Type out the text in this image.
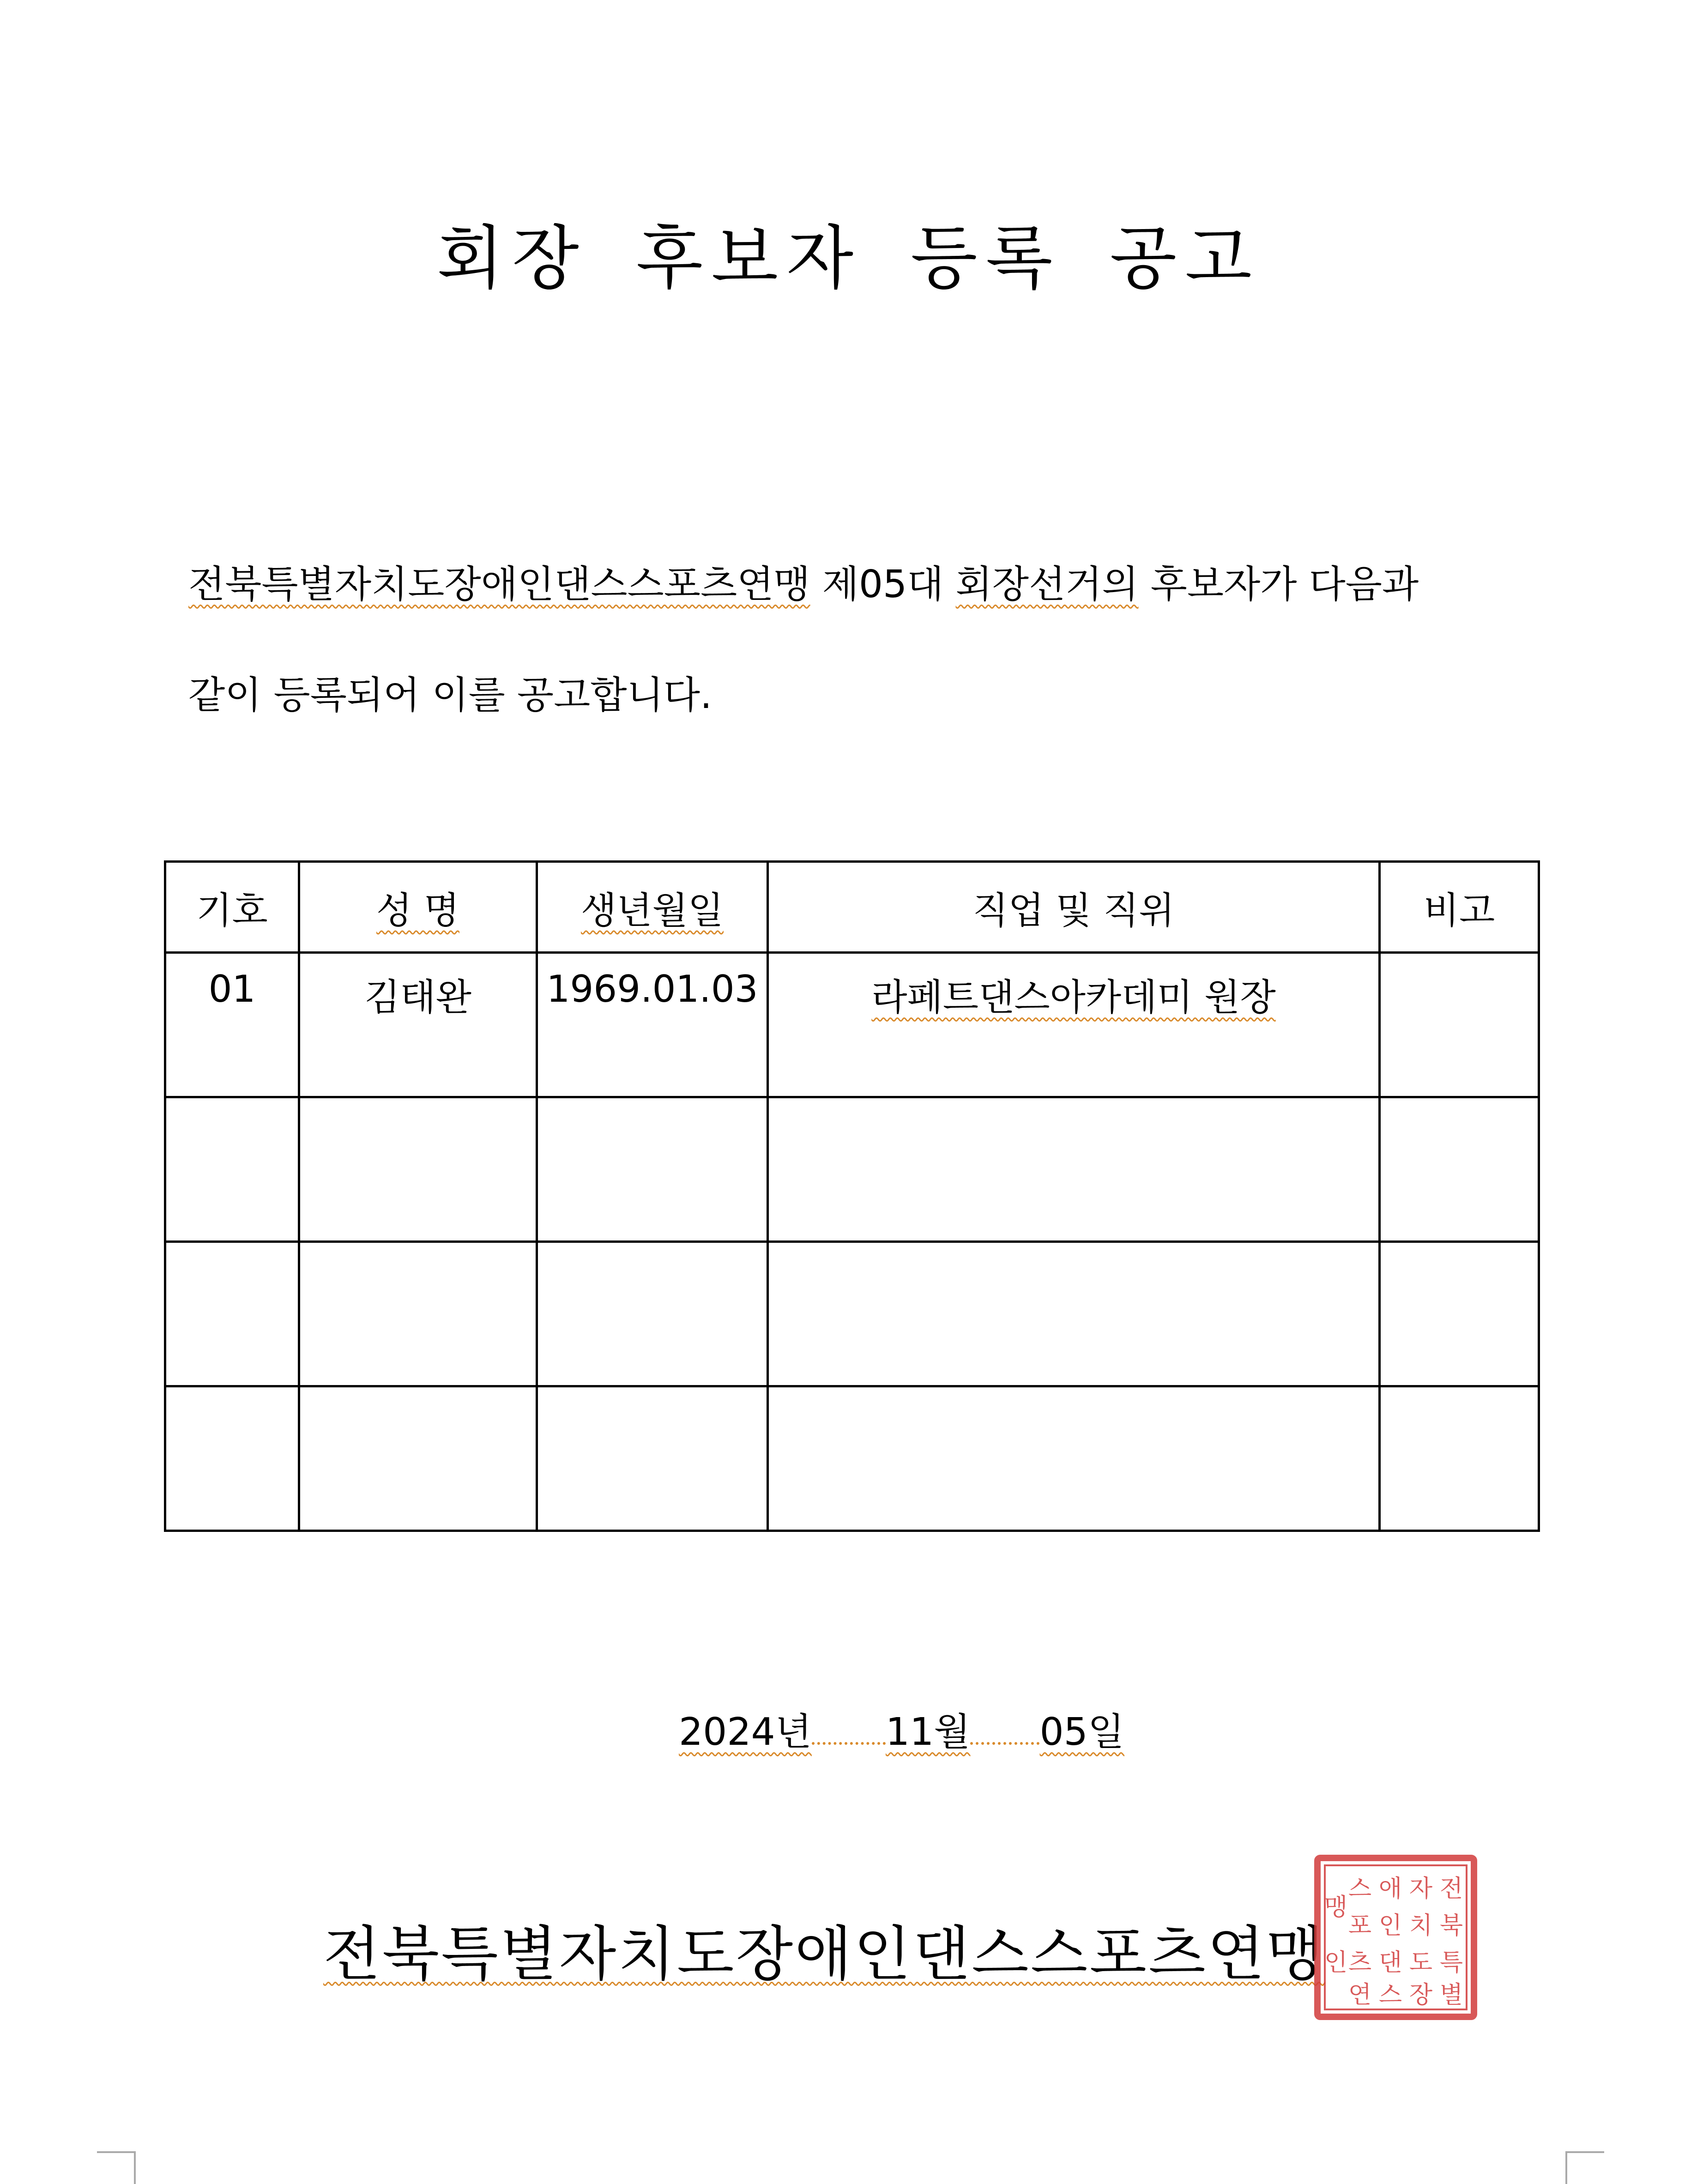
회장 후보자 등록 공고
전북특별자치도장애인댄스스포츠연맹 제05대 회장선거의 후보자가 다음과
같이 등록되어 이를 공고합니다.
기호	성 명	생년월일	직업 및 직위	비고
01	김태완	1969.01.03	라페트댄스아카데미 원장	

2024년 11월 05일
전북특별자치도장애인댄스스포츠연맹
전
북
특
별
자
치
도
장
애
인
댄
스
스
포
츠
연
맹
인
